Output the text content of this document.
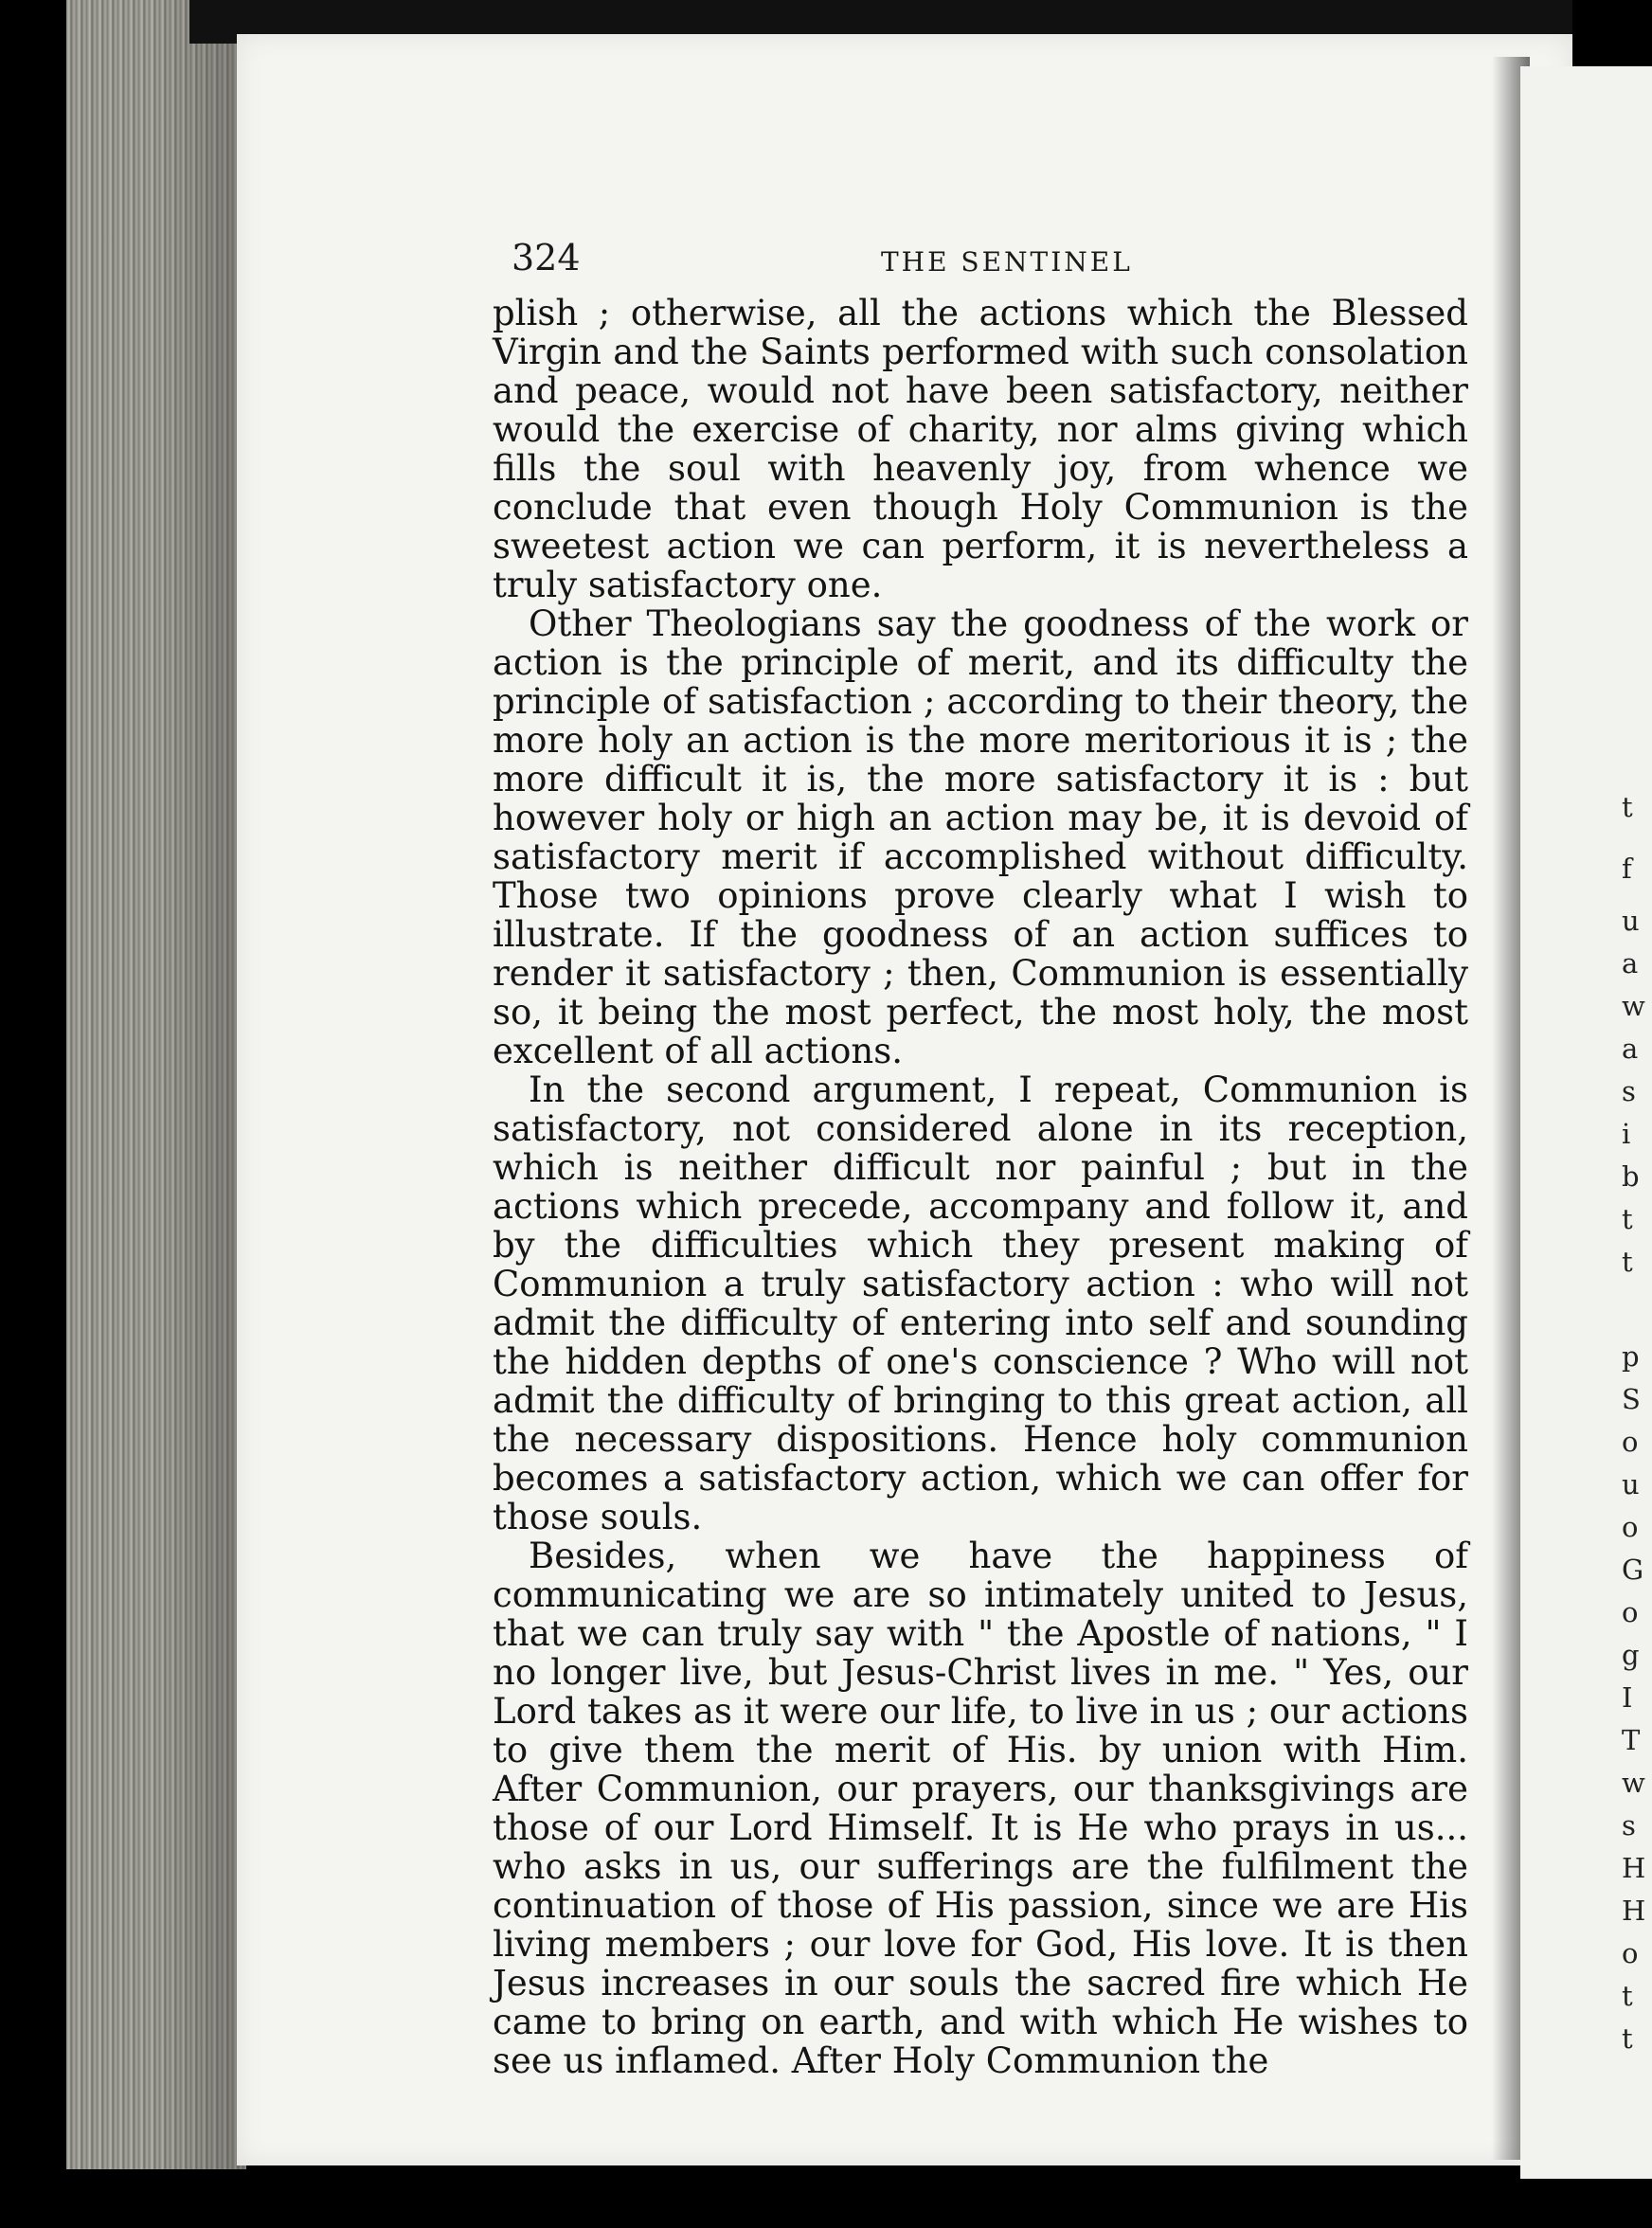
t
f
u
a
w
a
s
i
b
t
t
p
S
o
u
o
G
o
g
I
T
w
s
H
H
o
t
t
324	THE SENTINEL

plish ; otherwise, all the actions which the Blessed Virgin and the Saints performed with such consolation and peace, would not have been satisfactory, neither would the exercise of charity, nor alms giving which fills the soul with heavenly joy, from whence we conclude that even though Holy Communion is the sweetest action we can perform, it is nevertheless a truly satisfactory one.

Other Theologians say the goodness of the work or action is the principle of merit, and its difficulty the principle of satisfaction ; according to their theory, the more holy an action is the more meritorious it is ; the more difficult it is, the more satisfactory it is : but however holy or high an action may be, it is devoid of satisfactory merit if accomplished without difficulty. Those two opinions prove clearly what I wish to illustrate. If the goodness of an action suffices to render it satisfactory ; then, Communion is essentially so, it being the most perfect, the most holy, the most excellent of all actions.

In the second argument, I repeat, Communion is satisfactory, not considered alone in its reception, which is neither difficult nor painful ; but in the actions which precede, accompany and follow it, and by the difficulties which they present making of Communion a truly satisfactory action : who will not admit the difficulty of entering into self and sounding the hidden depths of one's conscience ? Who will not admit the difficulty of bringing to this great action, all the necessary dispositions. Hence holy communion becomes a satisfactory action, which we can offer for those souls.

Besides, when we have the happiness of communicating we are so intimately united to Jesus, that we can truly say with " the Apostle of nations, " I no longer live, but Jesus-Christ lives in me. " Yes, our Lord takes as it were our life, to live in us ; our actions to give them the merit of His. by union with Him. After Communion, our prayers, our thanksgivings are those of our Lord Himself. It is He who prays in us... who asks in us, our sufferings are the fulfilment the continuation of those of His passion, since we are His living members ; our love for God, His love. It is then Jesus increases in our souls the sacred fire which He came to bring on earth, and with which He wishes to see us inflamed. After Holy Communion the
